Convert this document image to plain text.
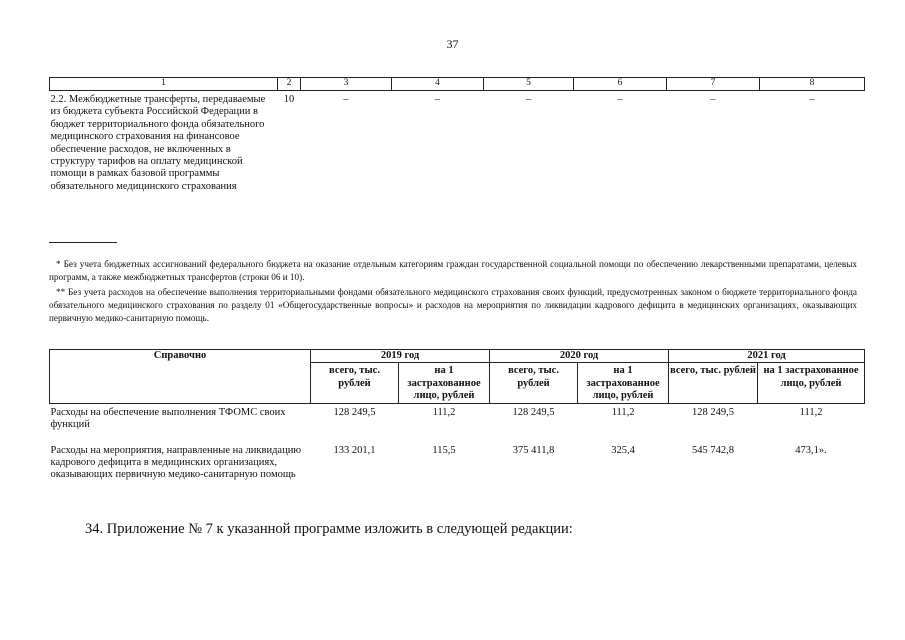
37
1	2	3	4	5	6	7	8
2.2. Межбюджетные трансферты, передаваемые из бюджета субъекта Российской Федерации в бюджет территориального фонда обязательного медицинского страхования на финансовое обеспечение расходов, не включенных в структуру тарифов на оплату медицинской помощи в рамках базовой программы обязательного медицинского страхования	10	–	–	–	–	–	–

* Без учета бюджетных ассигнований федерального бюджета на оказание отдельным категориям граждан государственной социальной помощи по обеспечению лекарственными препаратами, целевых программ, а также межбюджетных трансфертов (строки 06 и 10).

** Без учета расходов на обеспечение выполнения территориальными фондами обязательного медицинского страхования своих функций, предусмотренных законом о бюджете территориального фонда обязательного медицинского страхования по разделу 01 «Общегосударственные вопросы» и расходов на мероприятия по ликвидации кадрового дефицита в медицинских организациях, оказывающих первичную медико-санитарную помощь.

Справочно	2019 год		2020 год		2021 год	
	всего, тыс. рублей	на 1 застрахованное лицо, рублей	всего, тыс. рублей	на 1 застрахованное лицо, рублей	всего, тыс. рублей	на 1 застрахованное лицо, рублей
Расходы на обеспечение выполнения ТФОМС своих функций	128 249,5	111,2	128 249,5	111,2	128 249,5	111,2
Расходы на мероприятия, направленные на ликвидацию кадрового дефицита в медицинских организациях, оказывающих первичную медико-санитарную помощь	133 201,1	115,5	375 411,8	325,4	545 742,8	473,1».

34. Приложение № 7 к указанной программе изложить в следующей редакции:
